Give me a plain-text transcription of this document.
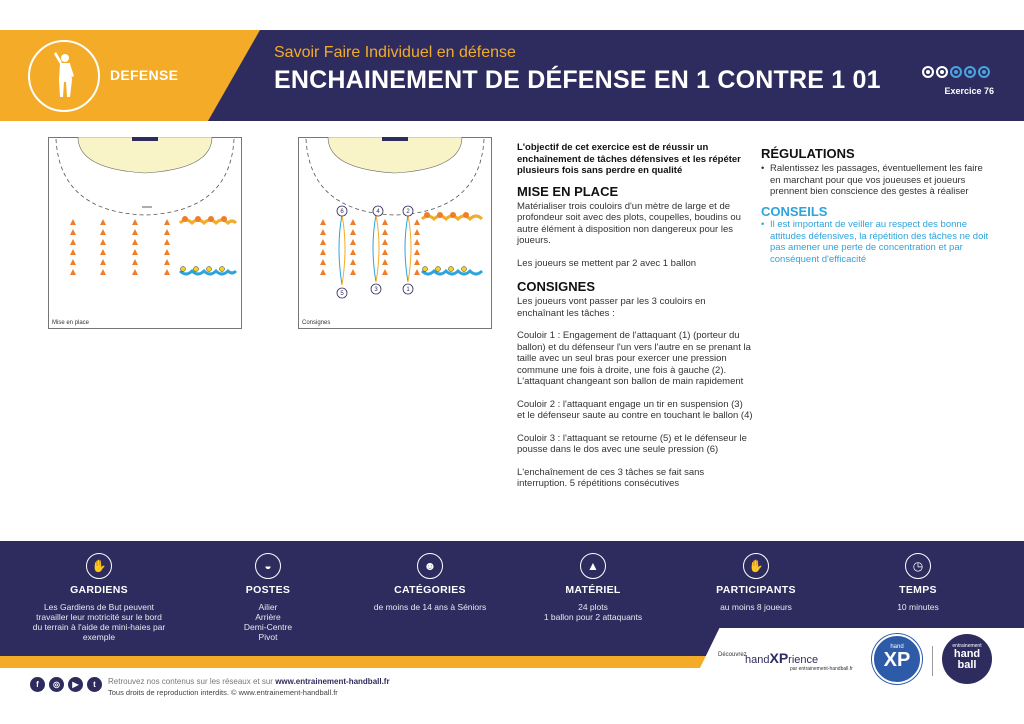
DEFENSE
Savoir Faire Individuel en défense
ENCHAINEMENT DE DÉFENSE EN 1 CONTRE 1 01	Exercice 76
Mise en place
6	4	2
5
3	1
Consignes
L'objectif de cet exercice est de réussir un enchaînement de tâches défensives et les répéter plusieurs fois sans perdre en qualité
MISE EN PLACE
Matérialiser trois couloirs d'un mètre de large et de profondeur soit avec des plots, coupelles, boudins ou autre élément à disposition non dangereux pour les joueurs.
Les joueurs se mettent par 2 avec 1 ballon
CONSIGNES
Les joueurs vont passer par les 3 couloirs en enchaînant les tâches :
Couloir 1 : Engagement de l'attaquant (1) (porteur du ballon) et du défenseur l'un vers l'autre en se prenant la taille avec un seul bras pour exercer une pression commune une fois à droite, une fois à gauche (2). L'attaquant changeant son ballon de main rapidement
Couloir 2 : l'attaquant engage un tir en suspension (3) et le défenseur saute au contre en touchant le ballon (4)
Couloir 3 : l'attaquant se retourne (5) et le défenseur le pousse dans le dos avec une seule pression (6)
L'enchaînement de ces 3 tâches se fait sans interruption. 5 répétitions consécutives
RÉGULATIONS
• Ralentissez les passages, éventuellement les faire en marchant pour que vos joueuses et joueurs prennent bien conscience des gestes à réaliser
CONSEILS
• Il est important de veiller au respect des bonne attitudes défensives, la répétition des tâches ne doit pas amener une perte de concentration et par conséquent d'efficacité
✋
GARDIENS
Les Gardiens de But peuvent travailler leur motricité sur le bord du terrain à l'aide de mini-haies par exemple
◒
POSTES
Ailier
Arrière
Demi-Centre
Pivot
☻
CATÉGORIES
de moins de 14 ans à Séniors
▲
MATÉRIEL
24 plots
1 ballon pour 2 attaquants
✋
PARTICIPANTS
au moins 8 joueurs
◷
TEMPS
10 minutes
Découvrez
handXPrience
par entrainement-handball.fr
hand
XP
entrainement
hand
ball
f	◎	▶	t	Retrouvez nos contenus sur les réseaux et sur www.entrainement-handball.fr
Tous droits de reproduction interdits. © www.entrainement-handball.fr
